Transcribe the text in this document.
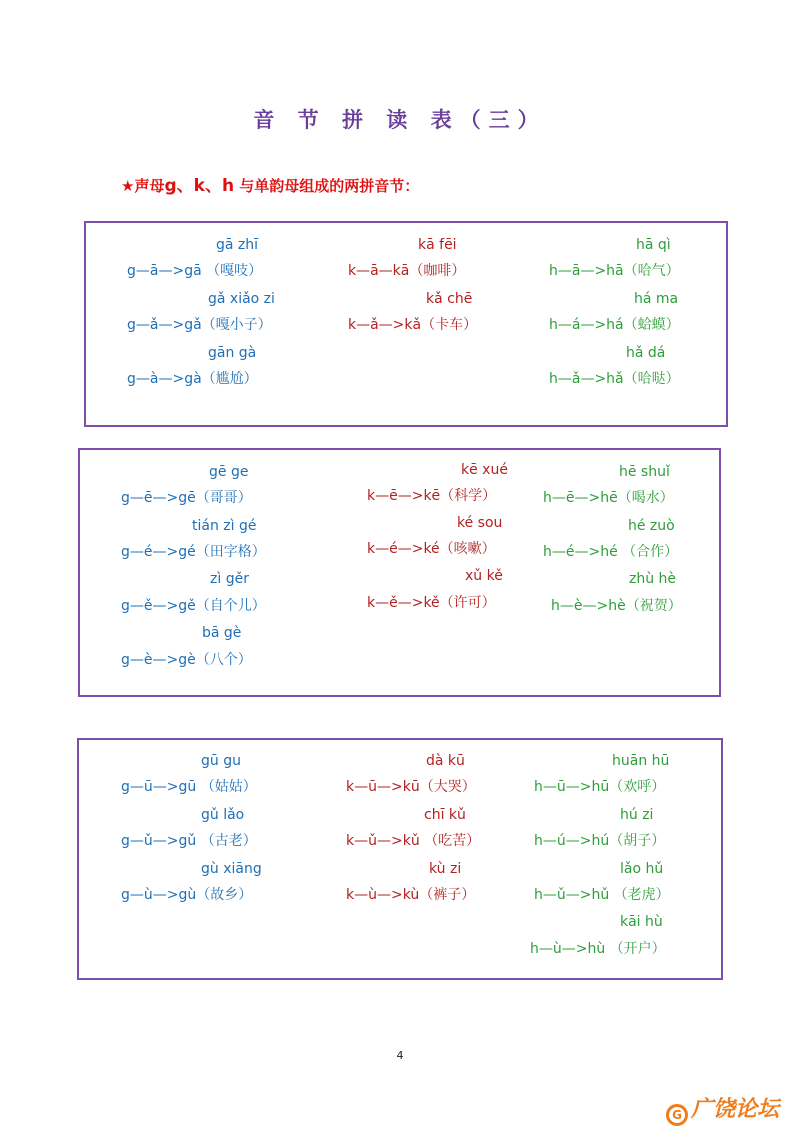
音 节 拼 读 表（三）
★声母g、k、h 与单韵母组成的两拼音节：
gā zhī
g—ā—>gā （嘎吱）
gǎ xiǎo zi
g—ǎ—>gǎ（嘎小子）
gān gà
g—à—>gà（尴尬）
kā fēi
k—ā—kā（咖啡）
kǎ chē
k—ǎ—>kǎ（卡车）
hā qì
h—ā—>hā（哈气）
há ma
h—á—>há（蛤蟆）
hǎ dá
h—ǎ—>hǎ（哈哒）
gē ge
g—ē—>gē（哥哥）
tián zì gé
g—é—>gé（田字格）
zì gěr
g—ě—>gě（自个儿）
bā gè
g—è—>gè（八个）
kē xué
k—ē—>kē（科学）
ké sou
k—é—>ké（咳嗽）
xǔ kě
k—ě—>kě（许可）
hē shuǐ
h—ē—>hē（喝水）
hé zuò
h—é—>hé （合作）
zhù hè
h—è—>hè（祝贺）
gū gu
g—ū—>gū （姑姑）
gǔ lǎo
g—ǔ—>gǔ （古老）
gù xiāng
g—ù—>gù（故乡）
dà kū
k—ū—>kū（大哭）
chī kǔ
k—ǔ—>kǔ （吃苦）
kù zi
k—ù—>kù（裤子）
huān hū
h—ū—>hū（欢呼）
hú zi
h—ú—>hú（胡子）
lǎo hǔ
h—ǔ—>hǔ （老虎）
kāi hù
h—ù—>hù （开户）
4
G 广饶论坛
